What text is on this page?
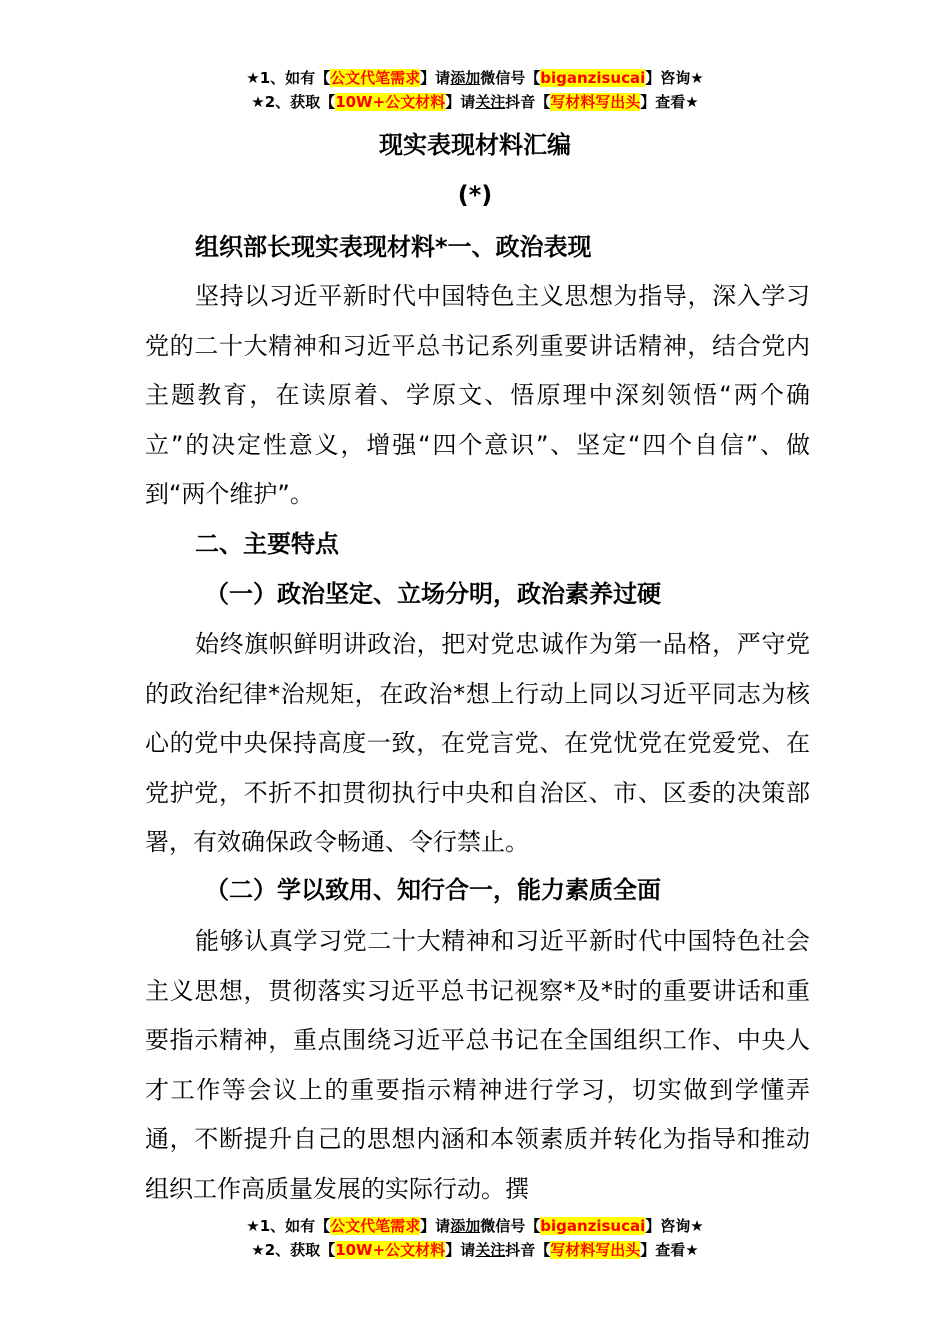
★1、如有【公文代笔需求】请添加微信号【biganzisucai】咨询★
★2、获取【10W+公文材料】请关注抖音【写材料写出头】查看★
现实表现材料汇编
(*)
组织部长现实表现材料*一、政治表现
坚持以习近平新时代中国特色主义思想为指导，深入学习党的二十大精神和习近平总书记系列重要讲话精神，结合党内主题教育，在读原着、学原文、悟原理中深刻领悟“两个确立”的决定性意义，增强“四个意识”、坚定“四个自信”、做到“两个维护”。
二、主要特点
（一）政治坚定、立场分明，政治素养过硬
始终旗帜鲜明讲政治，把对党忠诚作为第一品格，严守党的政治纪律*治规矩，在政治*想上行动上同以习近平同志为核心的党中央保持高度一致，在党言党、在党忧党在党爱党、在党护党，不折不扣贯彻执行中央和自治区、市、区委的决策部署，有效确保政令畅通、令行禁止。
（二）学以致用、知行合一，能力素质全面
能够认真学习党二十大精神和习近平新时代中国特色社会主义思想，贯彻落实习近平总书记视察*及*时的重要讲话和重要指示精神，重点围绕习近平总书记在全国组织工作、中央人才工作等会议上的重要指示精神进行学习，切实做到学懂弄通，不断提升自己的思想内涵和本领素质并转化为指导和推动组织工作高质量发展的实际行动。撰
★1、如有【公文代笔需求】请添加微信号【biganzisucai】咨询★
★2、获取【10W+公文材料】请关注抖音【写材料写出头】查看★
